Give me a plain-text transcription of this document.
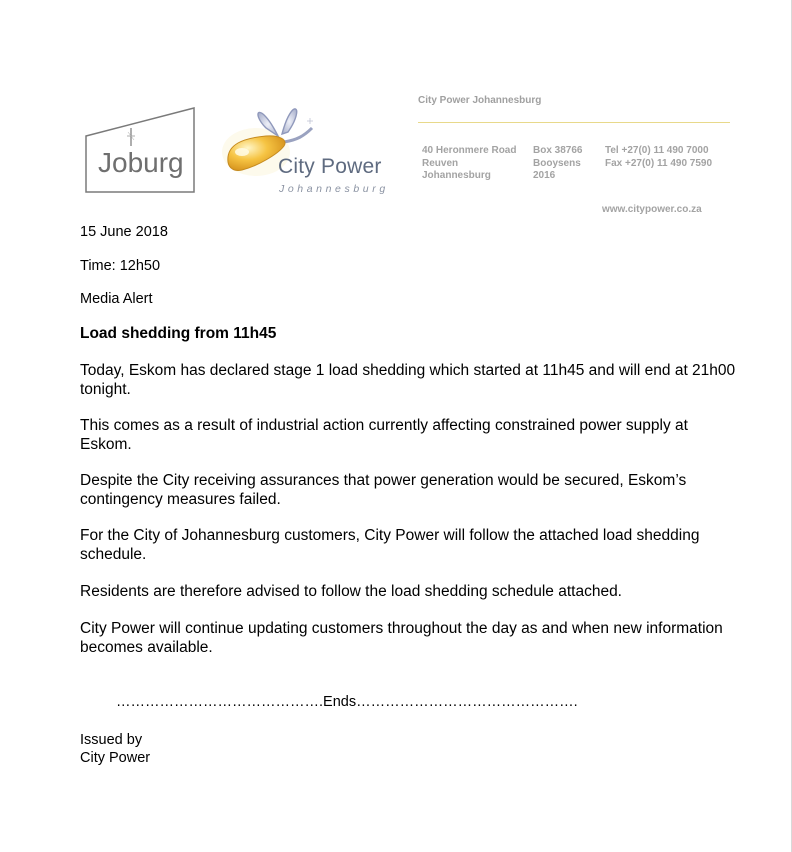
Joburg	City Power
Johannesburg
City Power Johannesburg
40 Heronmere Road
Reuven
Johannesburg
Box 38766
Booysens
2016
Tel +27(0) 11 490 7000
Fax +27(0) 11 490 7590
www.citypower.co.za
15 June 2018
Time: 12h50
Media Alert
Load shedding from 11h45
Today, Eskom has declared stage 1 load shedding which started at 11h45 and will end at 21h00 tonight.
This comes as a result of industrial action currently affecting constrained power supply at Eskom.
Despite the City receiving assurances that power generation would be secured, Eskom’s contingency measures failed.
For the City of Johannesburg customers, City Power will follow the attached load shedding schedule.
Residents are therefore advised to follow the load shedding schedule attached.
City Power will continue updating customers throughout the day as and when new information becomes available.
…………………………………….Ends……………………………………….
Issued by
City Power
